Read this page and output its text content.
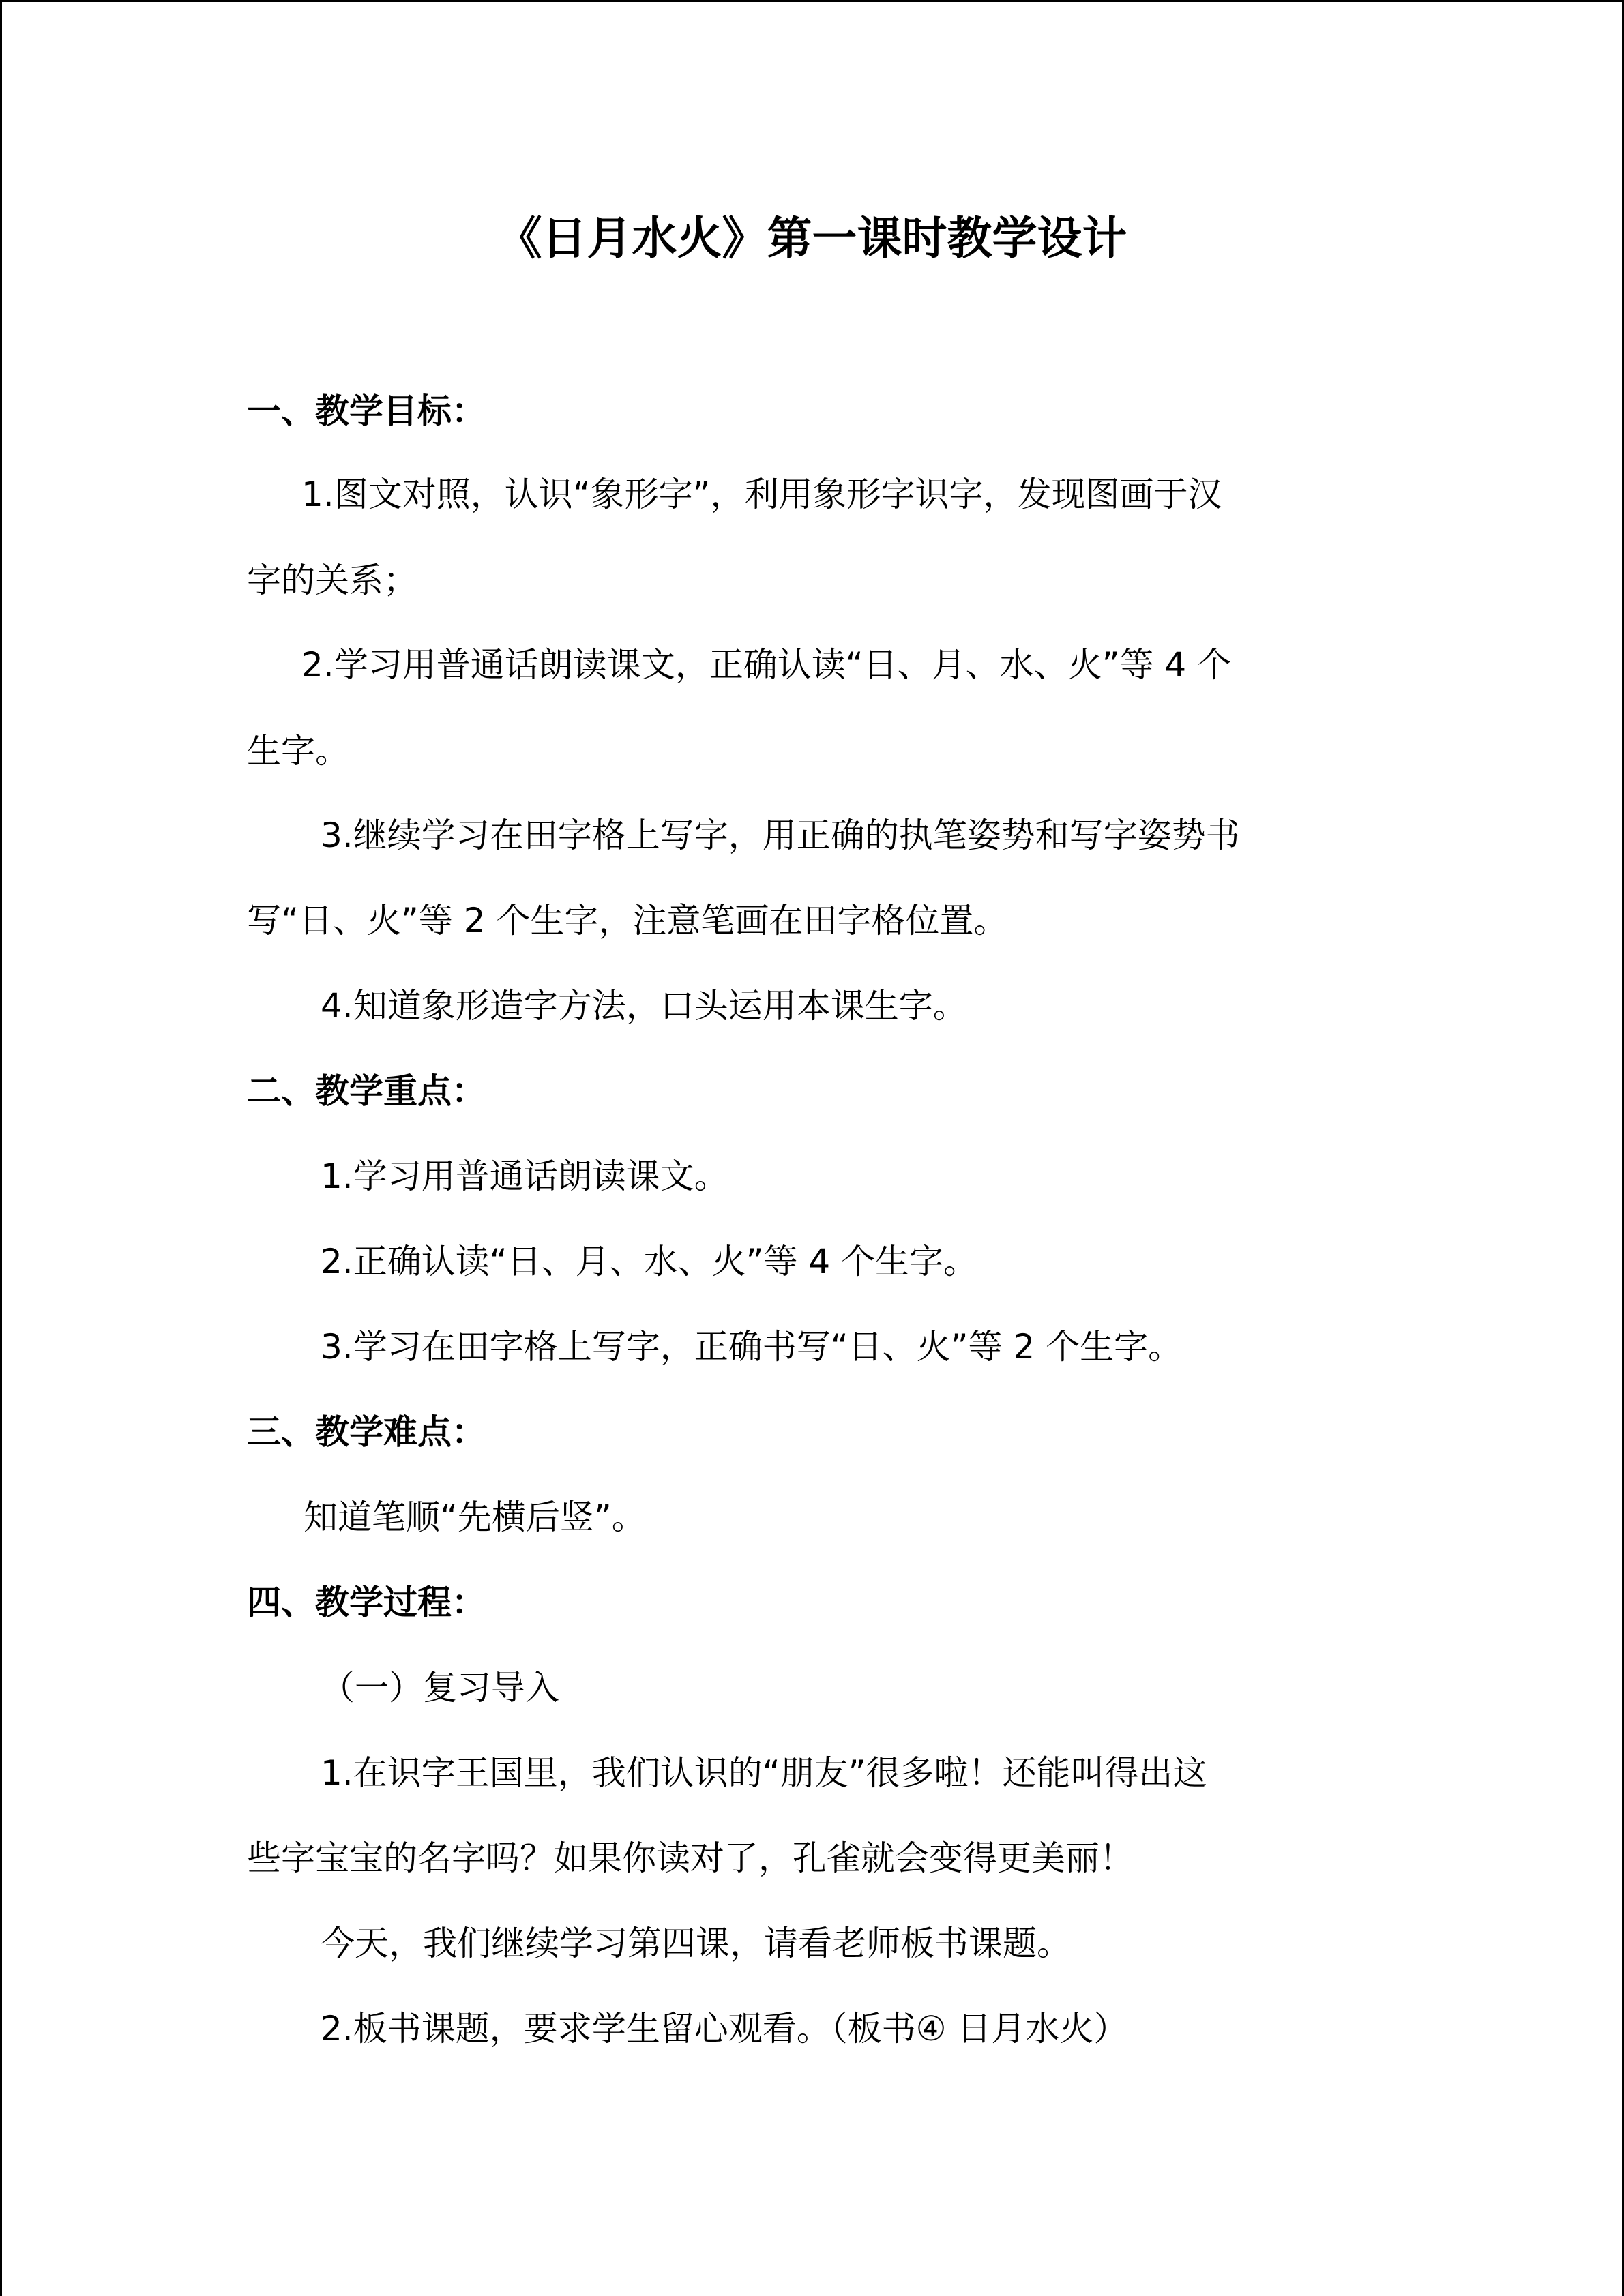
《日月水火》第一课时教学设计

一、教学目标：

1.图文对照，认识“象形字”，利用象形字识字，发现图画于汉

字的关系；

2.学习用普通话朗读课文，正确认读“日、月、水、火”等 4 个

生字。

3.继续学习在田字格上写字，用正确的执笔姿势和写字姿势书

写“日、火”等 2 个生字，注意笔画在田字格位置。

4.知道象形造字方法，口头运用本课生字。

二、教学重点：

1.学习用普通话朗读课文。

2.正确认读“日、月、水、火”等 4 个生字。

3.学习在田字格上写字，正确书写“日、火”等 2 个生字。

三、教学难点：

知道笔顺“先横后竖”。

四、教学过程：

（一）复习导入

1.在识字王国里，我们认识的“朋友”很多啦！还能叫得出这

些字宝宝的名字吗？如果你读对了，孔雀就会变得更美丽！

今天，我们继续学习第四课，请看老师板书课题。

2.板书课题，要求学生留心观看。（板书④ 日月水火）
